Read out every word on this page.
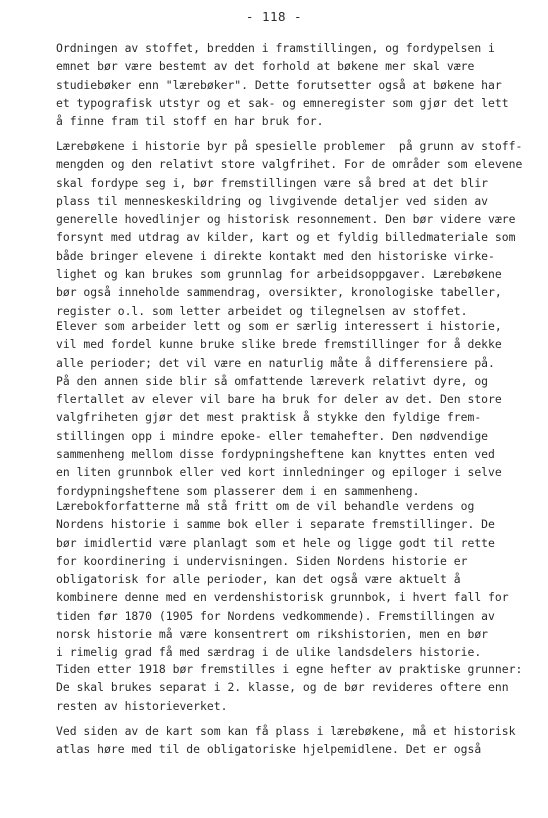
- 118 -
Ordningen av stoffet, bredden i framstillingen, og fordypelsen i
emnet bør være bestemt av det forhold at bøkene mer skal være
studiebøker enn "lærebøker". Dette forutsetter også at bøkene har
et typografisk utstyr og et sak- og emneregister som gjør det lett
å finne fram til stoff en har bruk for.
Lærebøkene i historie byr på spesielle problemer  på grunn av stoff-
mengden og den relativt store valgfrihet. For de områder som elevene
skal fordype seg i, bør fremstillingen være så bred at det blir
plass til menneskeskildring og livgivende detaljer ved siden av
generelle hovedlinjer og historisk resonnement. Den bør videre være
forsynt med utdrag av kilder, kart og et fyldig billedmateriale som
både bringer elevene i direkte kontakt med den historiske virke-
lighet og kan brukes som grunnlag for arbeidsoppgaver. Lærebøkene
bør også inneholde sammendrag, oversikter, kronologiske tabeller,
register o.l. som letter arbeidet og tilegnelsen av stoffet.
Elever som arbeider lett og som er særlig interessert i historie,
vil med fordel kunne bruke slike brede fremstillinger for å dekke
alle perioder; det vil være en naturlig måte å differensiere på.
På den annen side blir så omfattende læreverk relativt dyre, og
flertallet av elever vil bare ha bruk for deler av det. Den store
valgfriheten gjør det mest praktisk å stykke den fyldige frem-
stillingen opp i mindre epoke- eller temahefter. Den nødvendige
sammenheng mellom disse fordypningsheftene kan knyttes enten ved
en liten grunnbok eller ved kort innledninger og epiloger i selve
fordypningsheftene som plasserer dem i en sammenheng.
Lærebokforfatterne må stå fritt om de vil behandle verdens og
Nordens historie i samme bok eller i separate fremstillinger. De
bør imidlertid være planlagt som et hele og ligge godt til rette
for koordinering i undervisningen. Siden Nordens historie er
obligatorisk for alle perioder, kan det også være aktuelt å
kombinere denne med en verdenshistorisk grunnbok, i hvert fall for
tiden før 1870 (1905 for Nordens vedkommende). Fremstillingen av
norsk historie må være konsentrert om rikshistorien, men en bør
i rimelig grad få med særdrag i de ulike landsdelers historie.
Tiden etter 1918 bør fremstilles i egne hefter av praktiske grunner:
De skal brukes separat i 2. klasse, og de bør revideres oftere enn
resten av historieverket.
Ved siden av de kart som kan få plass i lærebøkene, må et historisk
atlas høre med til de obligatoriske hjelpemidlene. Det er også
